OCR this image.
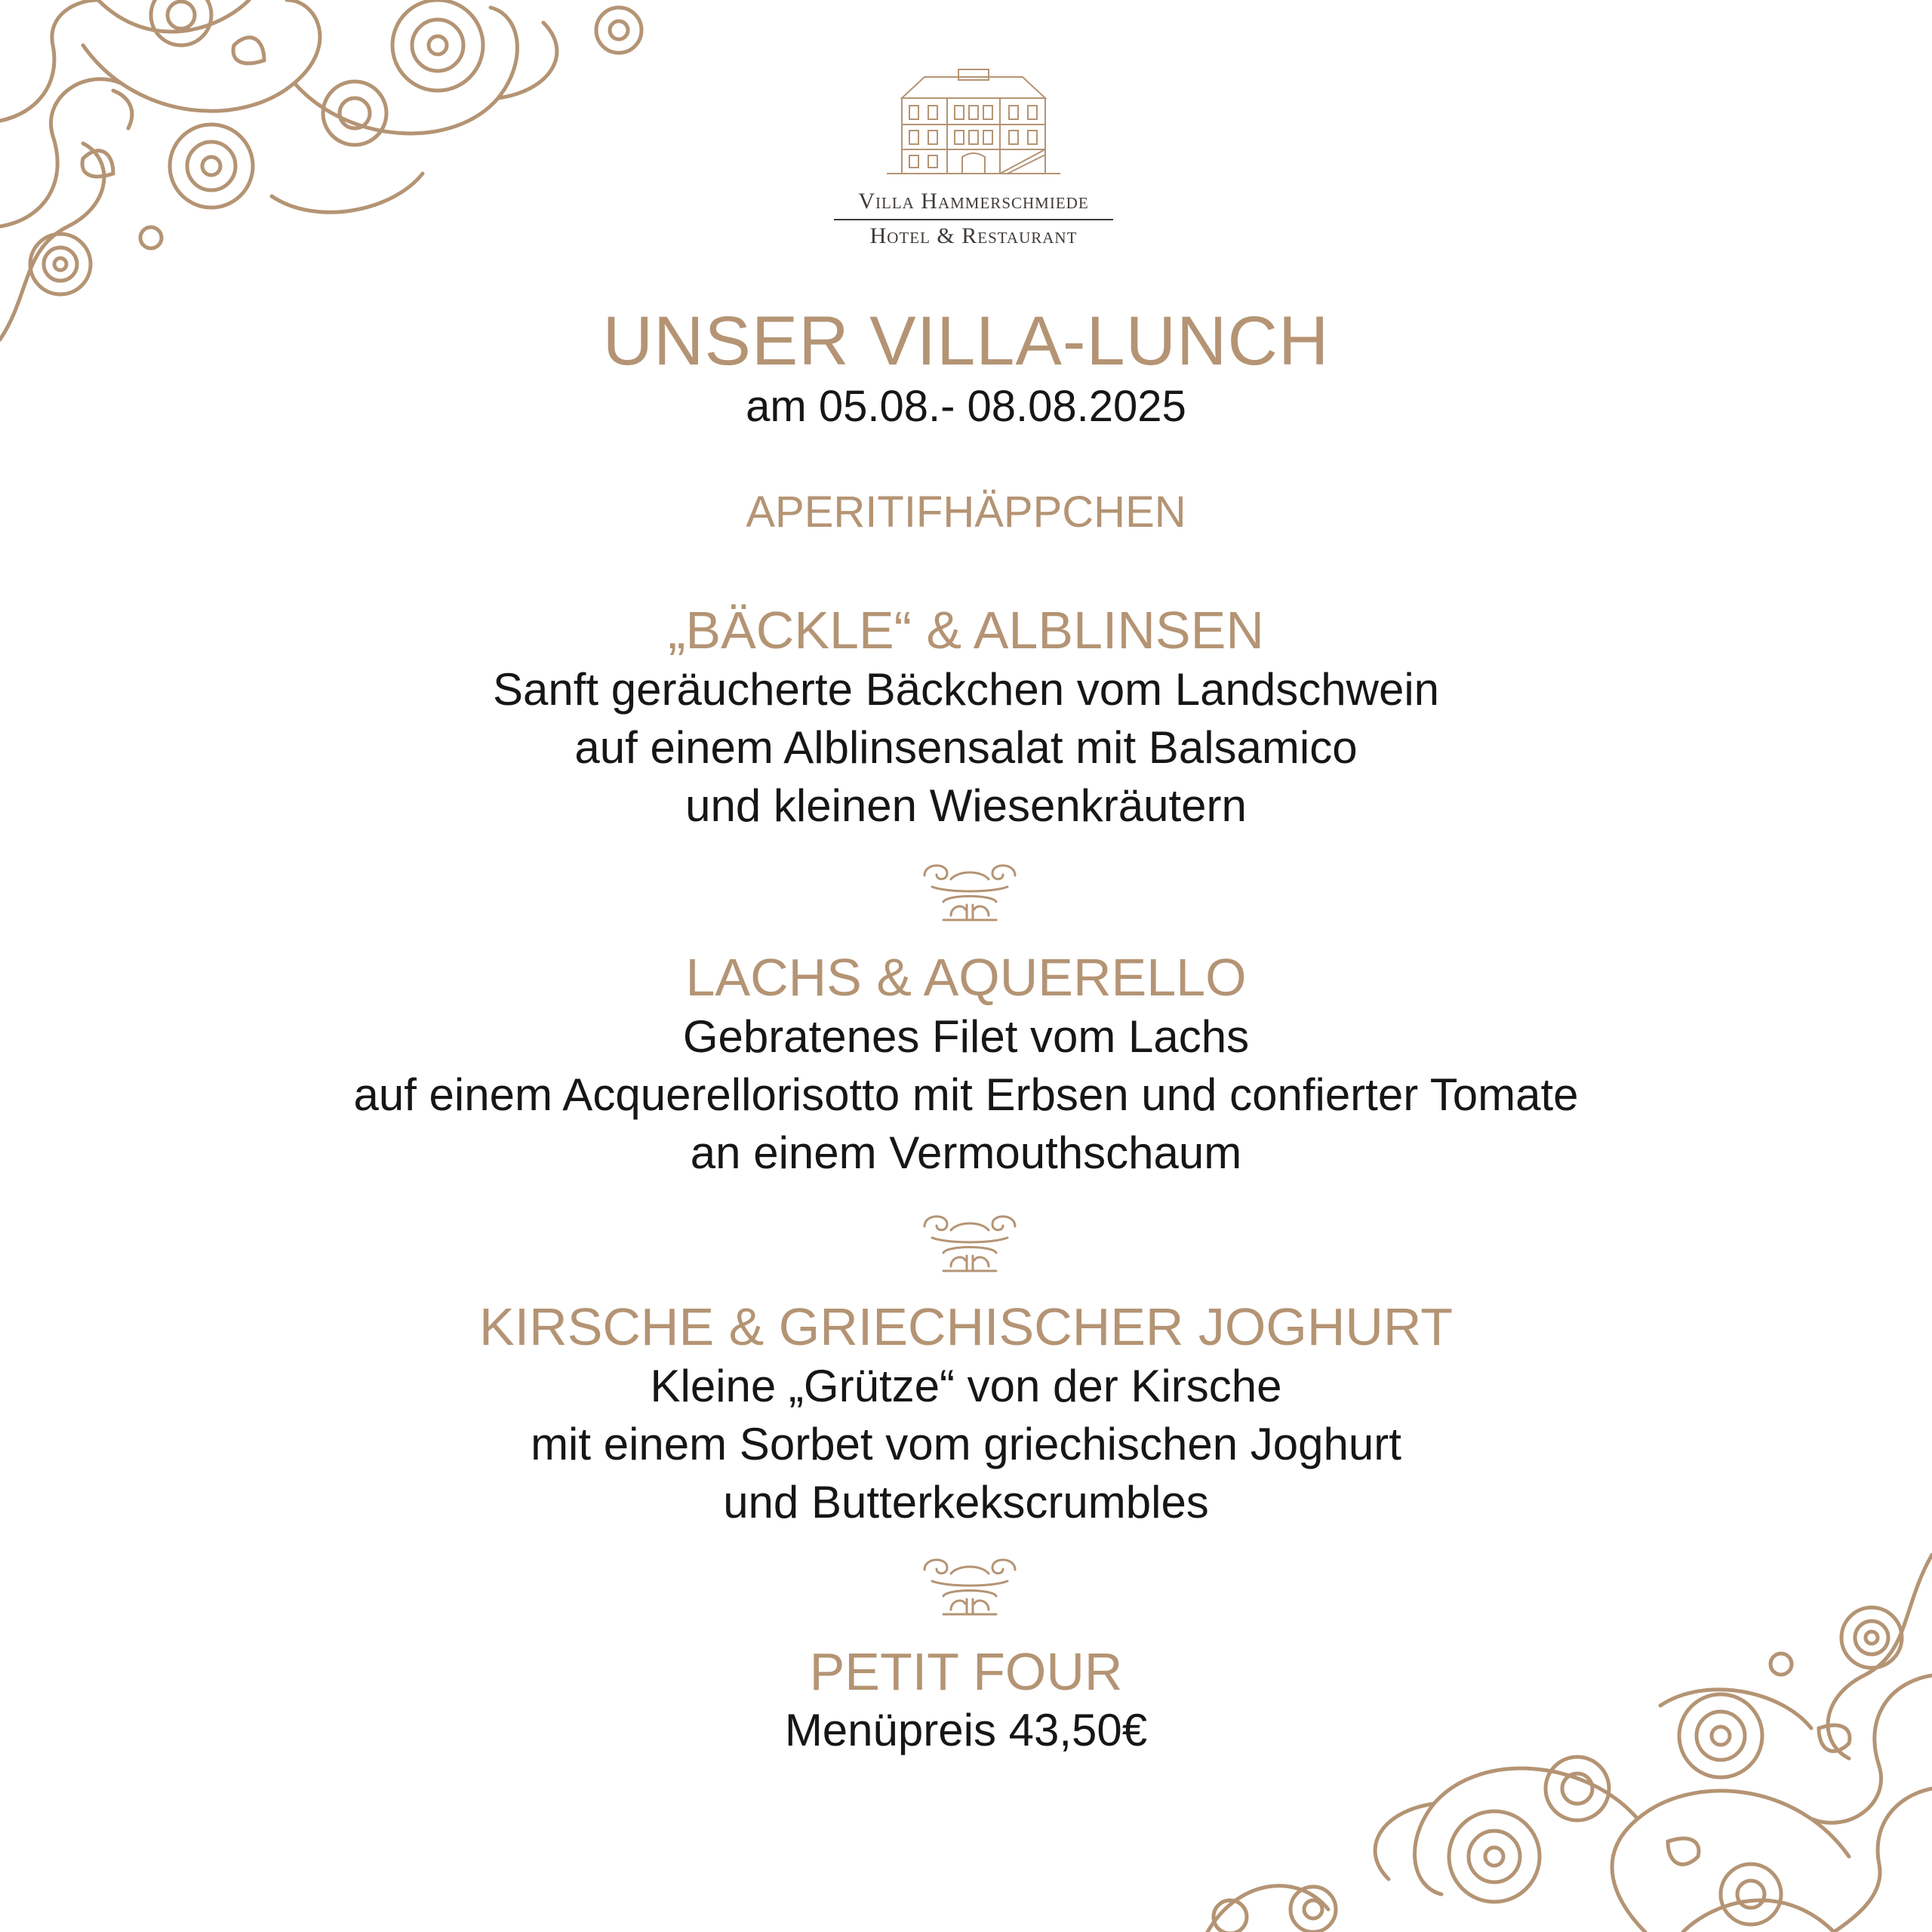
Villa Hammerschmiede
Hotel & Restaurant
UNSER VILLA-LUNCH
am 05.08.- 08.08.2025
APERITIFHÄPPCHEN
„BÄCKLE“ & ALBLINSEN
Sanft geräucherte Bäckchen vom Landschwein
auf einem Alblinsensalat mit Balsamico
und kleinen Wiesenkräutern
LACHS & AQUERELLO
Gebratenes Filet vom Lachs
auf einem Acquerellorisotto mit Erbsen und confierter Tomate
an einem Vermouthschaum
KIRSCHE & GRIECHISCHER JOGHURT
Kleine „Grütze“ von der Kirsche
mit einem Sorbet vom griechischen Joghurt
und Butterkekscrumbles
PETIT FOUR
Menüpreis 43,50€
